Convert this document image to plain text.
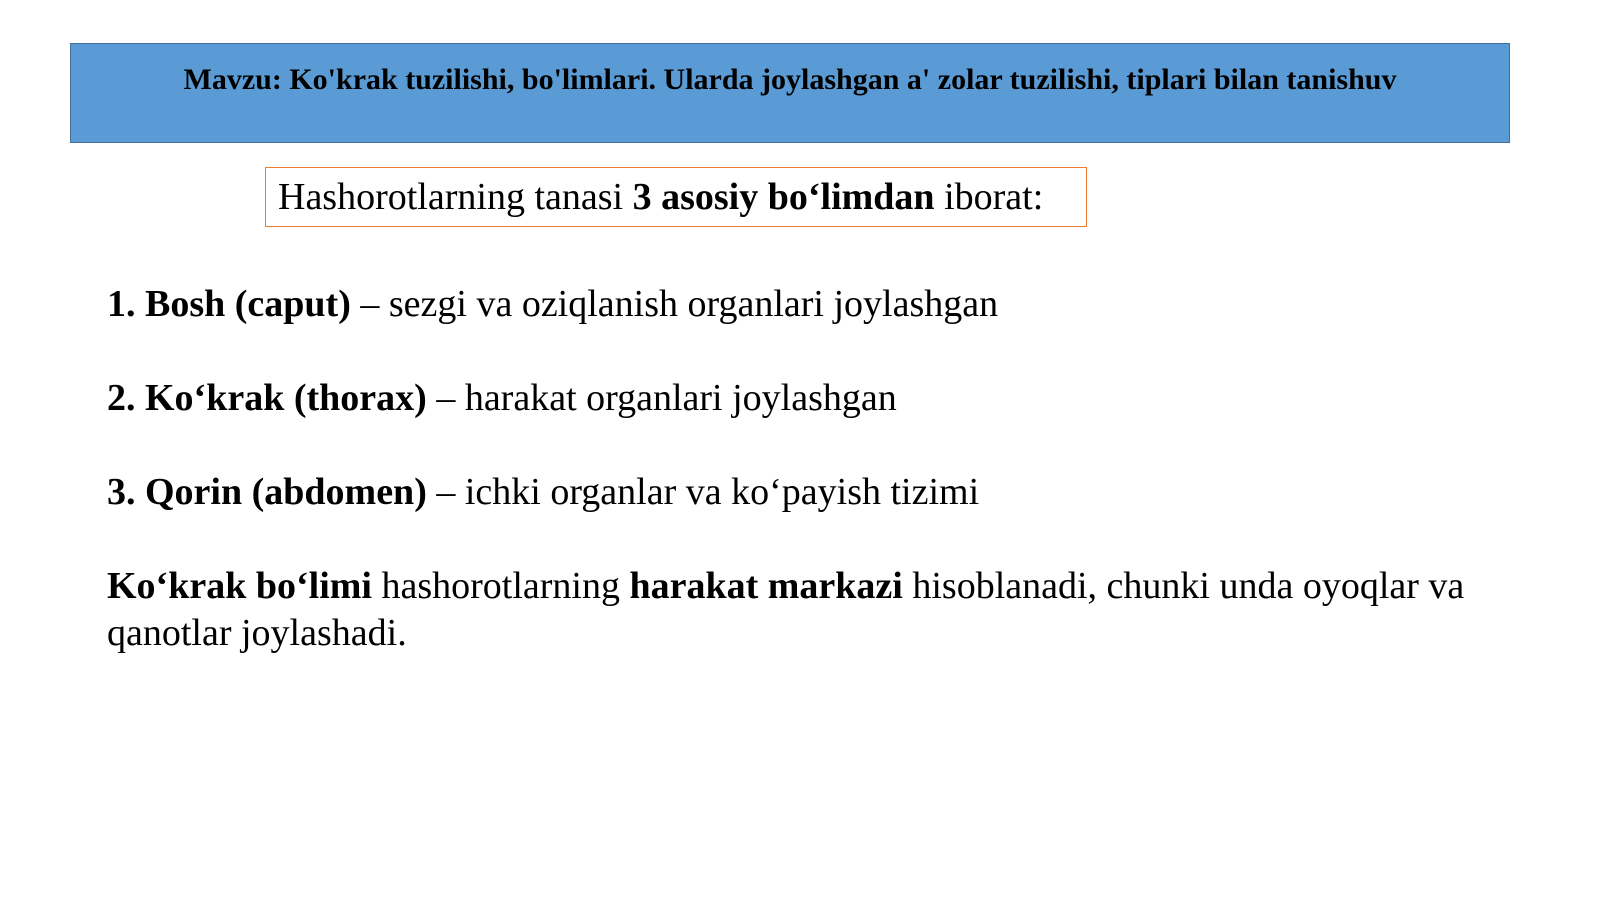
Mavzu: Ko'krak tuzilishi, bo'limlari. Ularda joylashgan a' zolar tuzilishi, tiplari bilan tanishuv
Hashorotlarning tanasi 3 asosiy bo‘limdan iborat:
1. Bosh (caput) – sezgi va oziqlanish organlari joylashgan
2. Ko‘krak (thorax) – harakat organlari joylashgan
3. Qorin (abdomen) – ichki organlar va ko‘payish tizimi
Ko‘krak bo‘limi hashorotlarning harakat markazi hisoblanadi, chunki unda oyoqlar va qanotlar joylashadi.
